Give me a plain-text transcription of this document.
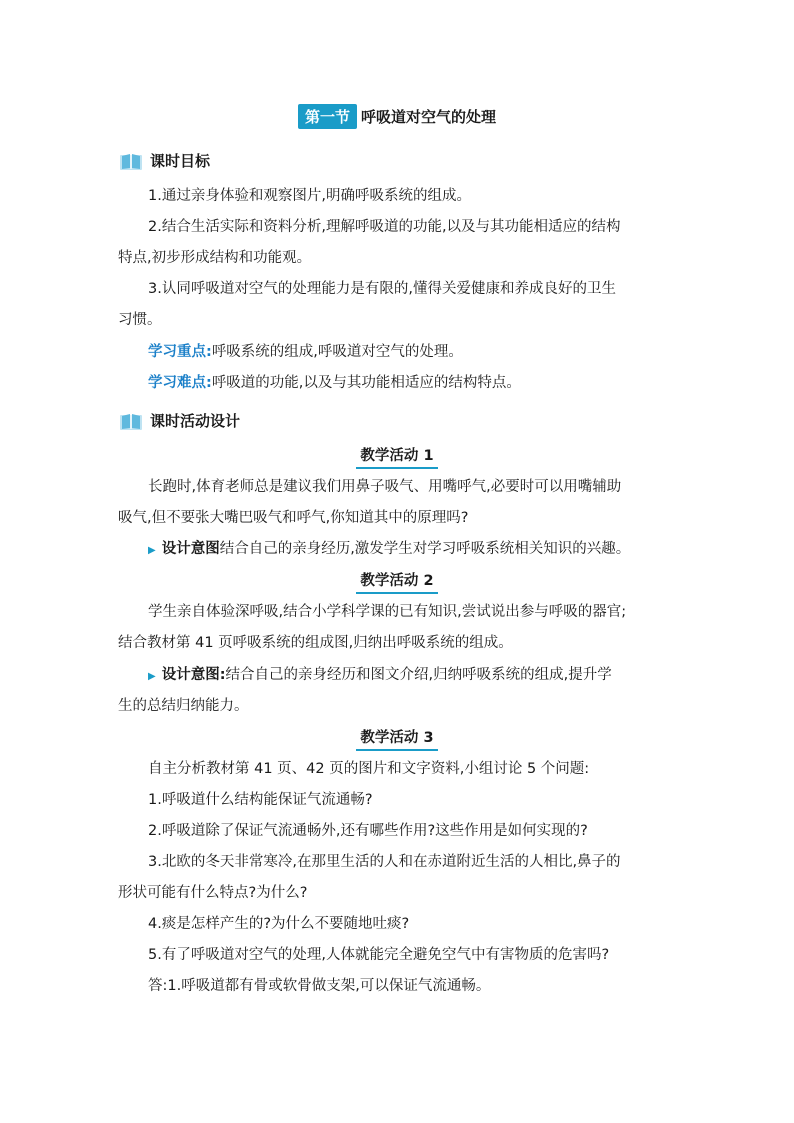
第一节 呼吸道对空气的处理
课时目标
1.通过亲身体验和观察图片,明确呼吸系统的组成。
2.结合生活实际和资料分析,理解呼吸道的功能,以及与其功能相适应的结构
特点,初步形成结构和功能观。
3.认同呼吸道对空气的处理能力是有限的,懂得关爱健康和养成良好的卫生
习惯。
学习重点:呼吸系统的组成,呼吸道对空气的处理。
学习难点:呼吸道的功能,以及与其功能相适应的结构特点。
课时活动设计
教学活动 1
长跑时,体育老师总是建议我们用鼻子吸气、用嘴呼气,必要时可以用嘴辅助
吸气,但不要张大嘴巴吸气和呼气,你知道其中的原理吗?
▶ 设计意图结合自己的亲身经历,激发学生对学习呼吸系统相关知识的兴趣。
教学活动 2
学生亲自体验深呼吸,结合小学科学课的已有知识,尝试说出参与呼吸的器官;
结合教材第 41 页呼吸系统的组成图,归纳出呼吸系统的组成。
▶ 设计意图:结合自己的亲身经历和图文介绍,归纳呼吸系统的组成,提升学
生的总结归纳能力。
教学活动 3
自主分析教材第 41 页、42 页的图片和文字资料,小组讨论 5 个问题:
1.呼吸道什么结构能保证气流通畅?
2.呼吸道除了保证气流通畅外,还有哪些作用?这些作用是如何实现的?
3.北欧的冬天非常寒冷,在那里生活的人和在赤道附近生活的人相比,鼻子的
形状可能有什么特点?为什么?
4.痰是怎样产生的?为什么不要随地吐痰?
5.有了呼吸道对空气的处理,人体就能完全避免空气中有害物质的危害吗?
答:1.呼吸道都有骨或软骨做支架,可以保证气流通畅。
